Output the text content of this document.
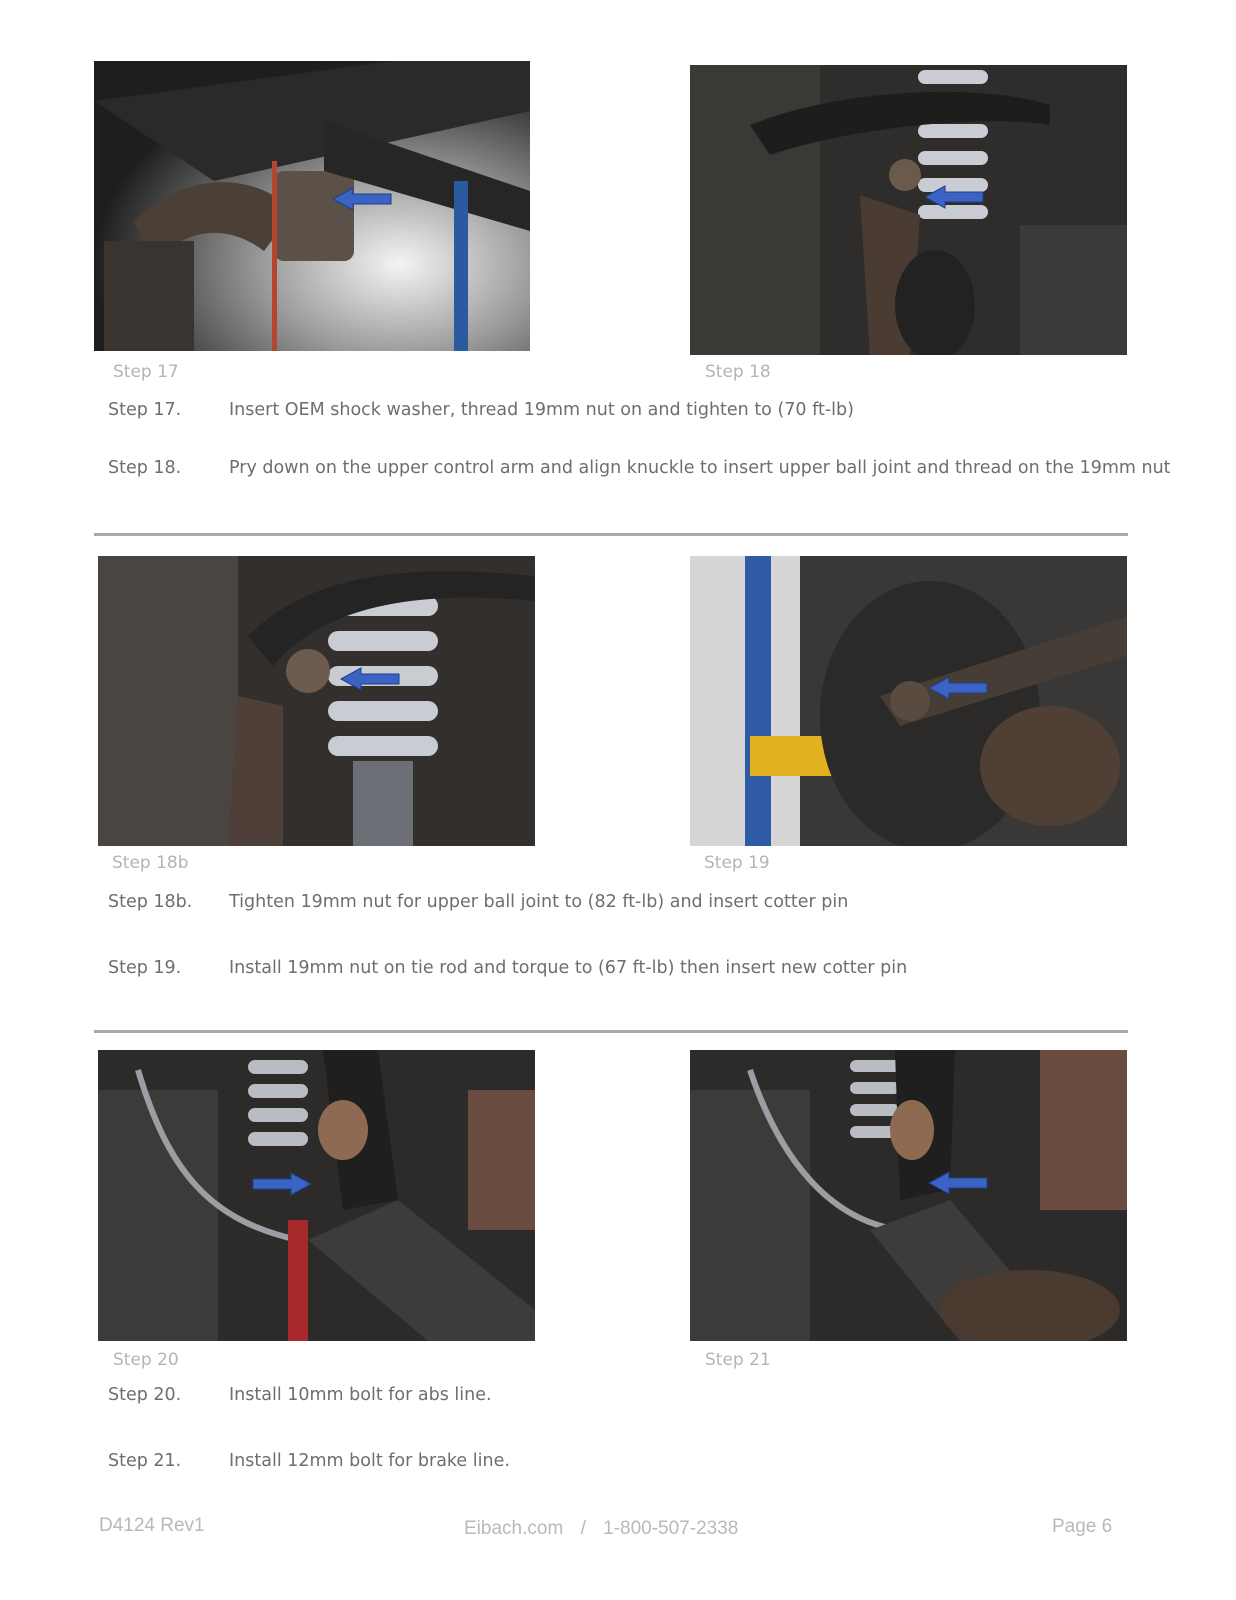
Step 17	Step 18
Step 17.	Insert OEM shock washer, thread 19mm nut on and tighten to (70 ft-lb)
Step 18.	Pry down on the upper control arm and align knuckle to insert upper ball joint and thread on the 19mm nut
Step 18b	Step 19
Step 18b. Tighten 19mm nut for upper ball joint to (82 ft-lb) and insert cotter pin
Step 19.	Install 19mm nut on tie rod and torque to (67 ft-lb) then insert new cotter pin
Step 20	Step 21
Step 20.	Install 10mm bolt for abs line.
Step 21.	Install 12mm bolt for brake line.
D4124 Rev1	Eibach.com / 1-800-507-2338	Page 6
